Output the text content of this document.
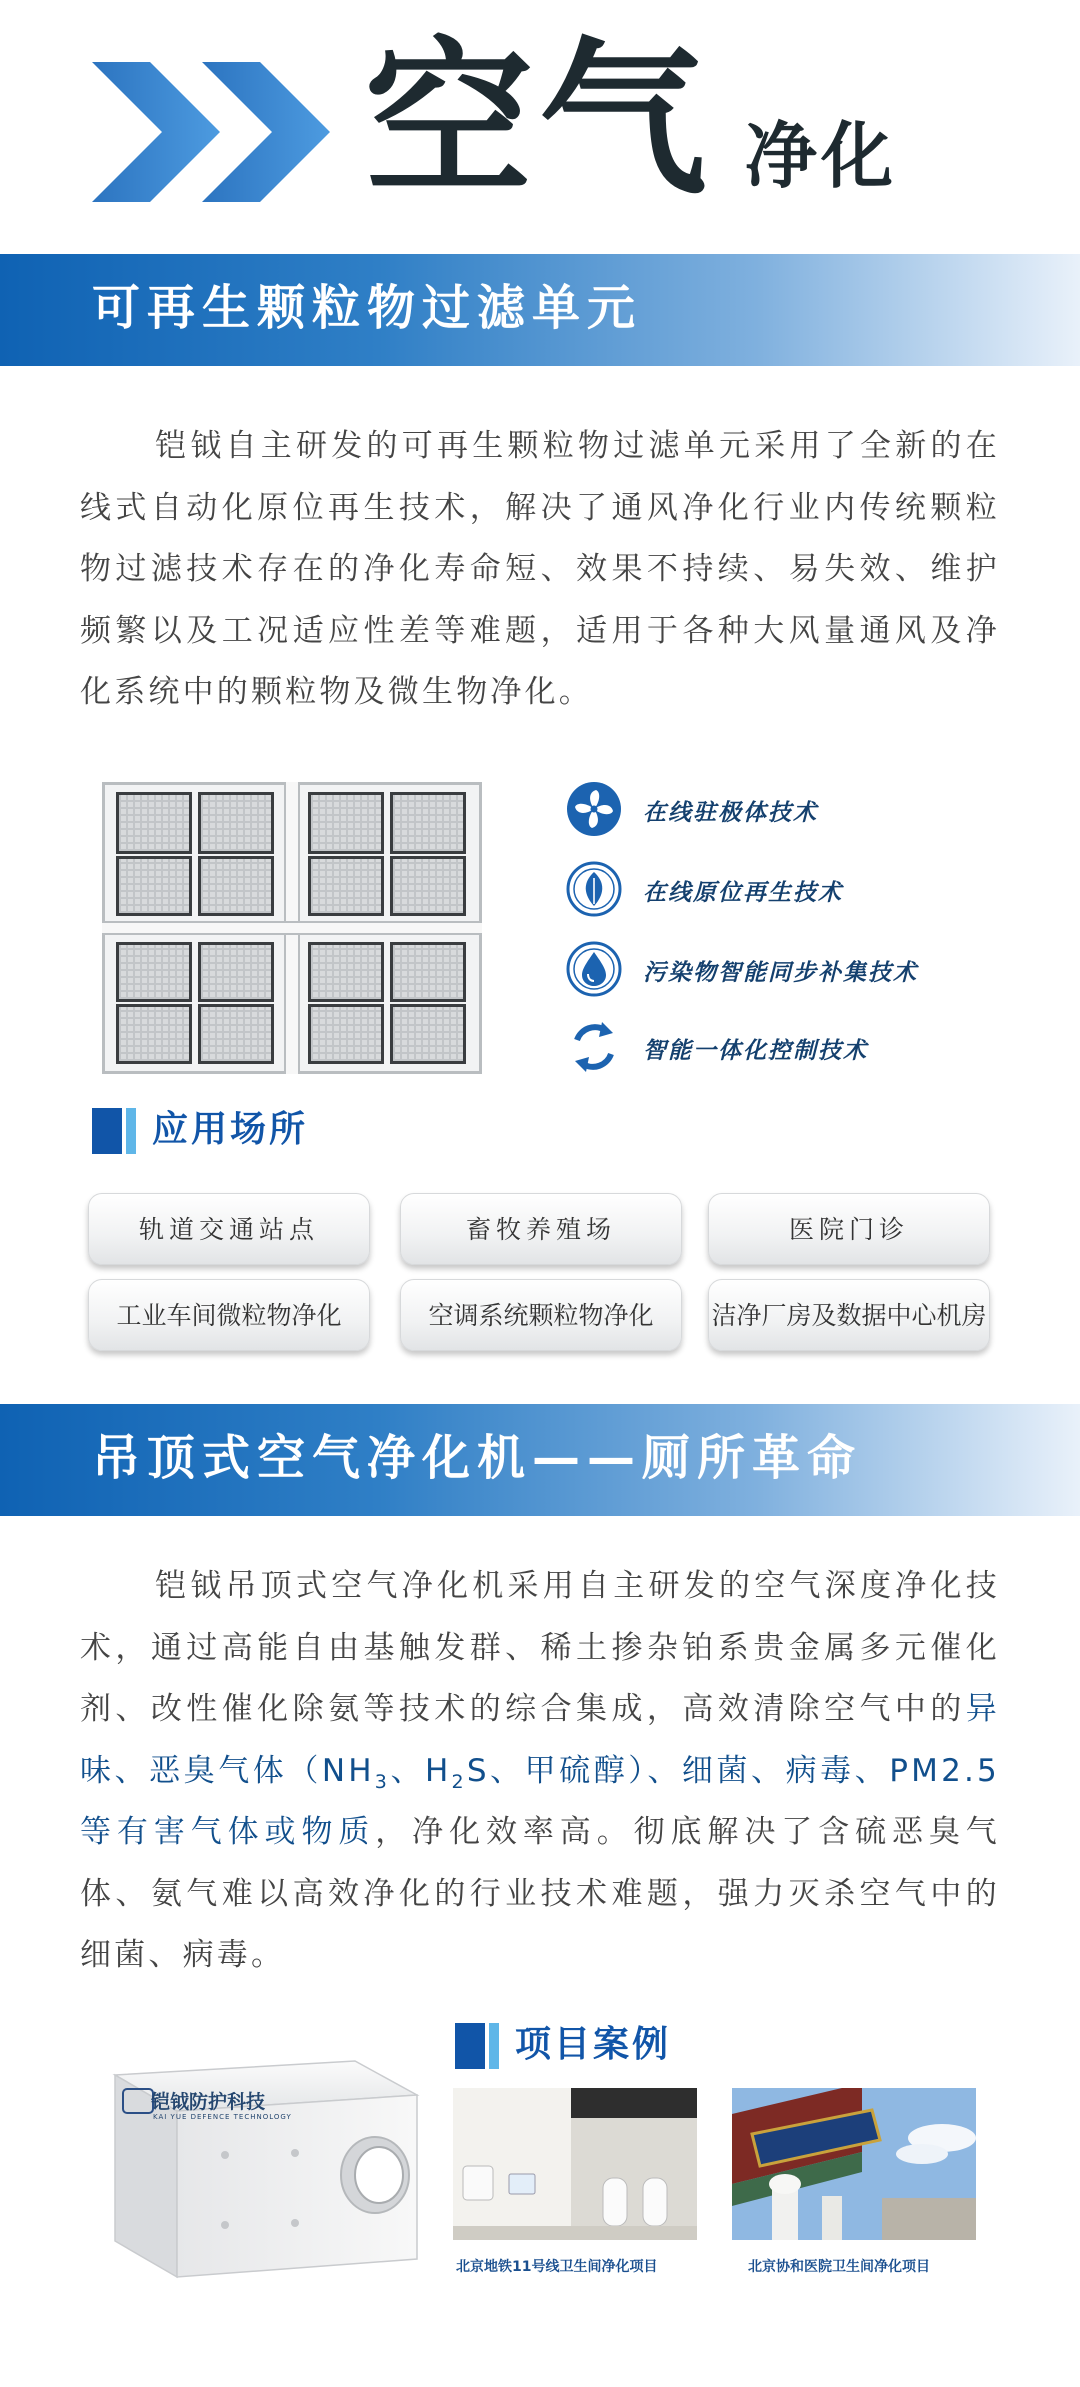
空气 净化
可再生颗粒物过滤单元
铠钺自主研发的可再生颗粒物过滤单元采用了全新的在线式自动化原位再生技术，解决了通风净化行业内传统颗粒物过滤技术存在的净化寿命短、效果不持续、易失效、维护频繁以及工况适应性差等难题，适用于各种大风量通风及净化系统中的颗粒物及微生物净化。
在线驻极体技术
在线原位再生技术
污染物智能同步补集技术
智能一体化控制技术
应用场所
轨道交通站点	畜牧养殖场	医院门诊
工业车间微粒物净化	空调系统颗粒物净化	洁净厂房及数据中心机房
吊顶式空气净化机——厕所革命
铠钺吊顶式空气净化机采用自主研发的空气深度净化技术，通过高能自由基触发群、稀土掺杂铂系贵金属多元催化剂、改性催化除氨等技术的综合集成，高效清除空气中的异味、恶臭气体（$NH_3$、$H_2S$、甲硫醇）、细菌、病毒、PM2.5等有害气体或物质，净化效率高。彻底解决了含硫恶臭气体、氨气难以高效净化的行业技术难题，强力灭杀空气中的细菌、病毒。
铠钺防护科技
KAI YUE DEFENCE TECHNOLOGY
项目案例
北京地铁11号线卫生间净化项目	北京协和医院卫生间净化项目
